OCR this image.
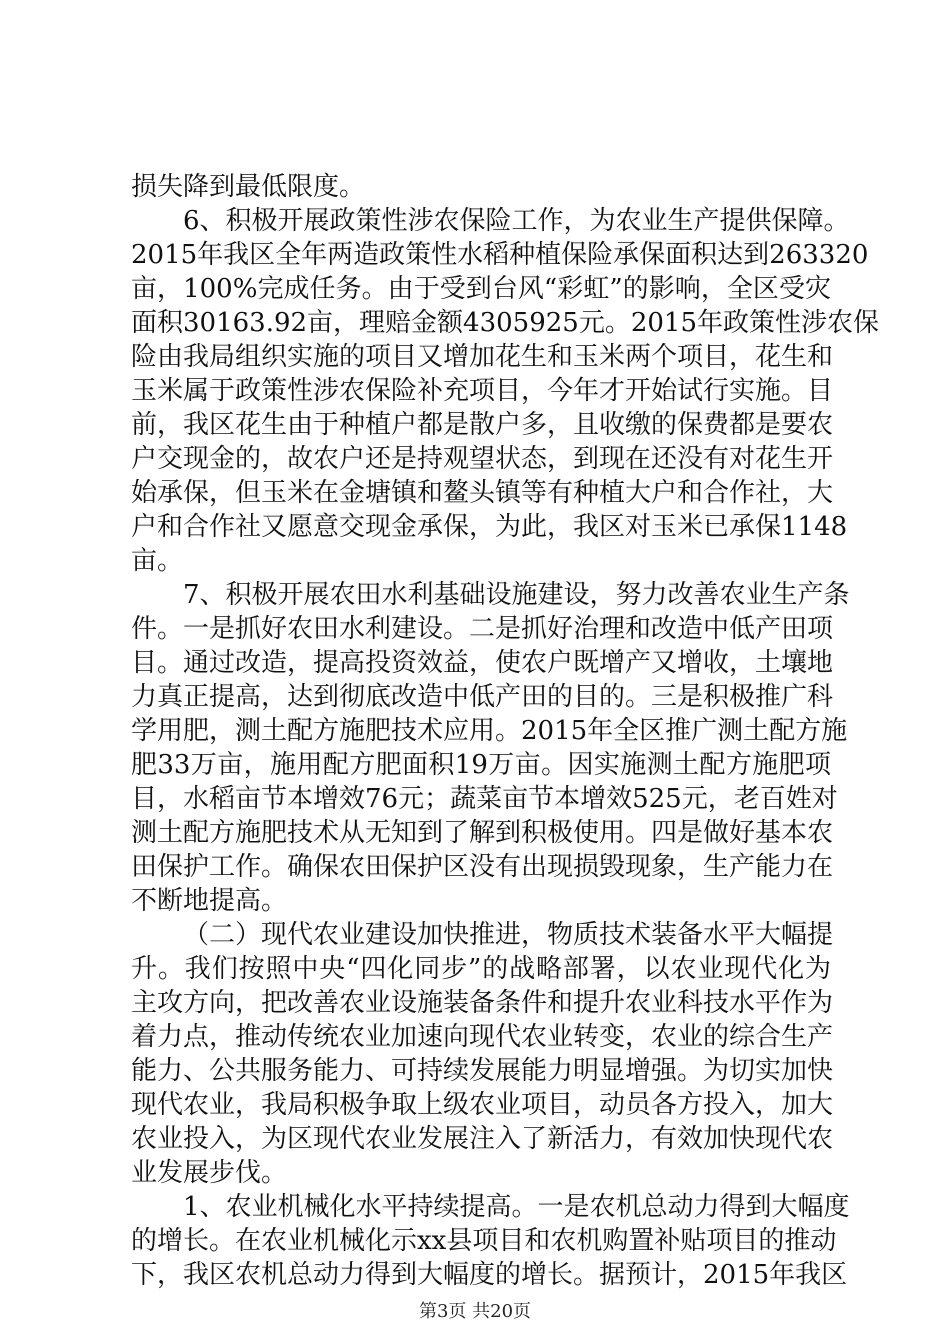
损失降到最低限度。
6、积极开展政策性涉农保险工作，为农业生产提供保障。
2015年我区全年两造政策性水稻种植保险承保面积达到263320
亩，100%完成任务。由于受到台风“彩虹”的影响，全区受灾
面积30163.92亩，理赔金额4305925元。2015年政策性涉农保
险由我局组织实施的项目又增加花生和玉米两个项目，花生和
玉米属于政策性涉农保险补充项目，今年才开始试行实施。目
前，我区花生由于种植户都是散户多，且收缴的保费都是要农
户交现金的，故农户还是持观望状态，到现在还没有对花生开
始承保，但玉米在金塘镇和鳌头镇等有种植大户和合作社，大
户和合作社又愿意交现金承保，为此，我区对玉米已承保1148
亩。
7、积极开展农田水利基础设施建设，努力改善农业生产条
件。一是抓好农田水利建设。二是抓好治理和改造中低产田项
目。通过改造，提高投资效益，使农户既增产又增收，土壤地
力真正提高，达到彻底改造中低产田的目的。三是积极推广科
学用肥，测土配方施肥技术应用。2015年全区推广测土配方施
肥33万亩，施用配方肥面积19万亩。因实施测土配方施肥项
目，水稻亩节本增效76元；蔬菜亩节本增效525元，老百姓对
测土配方施肥技术从无知到了解到积极使用。四是做好基本农
田保护工作。确保农田保护区没有出现损毁现象，生产能力在
不断地提高。
（二）现代农业建设加快推进，物质技术装备水平大幅提
升。我们按照中央“四化同步”的战略部署，以农业现代化为
主攻方向，把改善农业设施装备条件和提升农业科技水平作为
着力点，推动传统农业加速向现代农业转变，农业的综合生产
能力、公共服务能力、可持续发展能力明显增强。为切实加快
现代农业，我局积极争取上级农业项目，动员各方投入，加大
农业投入，为区现代农业发展注入了新活力，有效加快现代农
业发展步伐。
1、农业机械化水平持续提高。一是农机总动力得到大幅度
的增长。在农业机械化示xx县项目和农机购置补贴项目的推动
下，我区农机总动力得到大幅度的增长。据预计，2015年我区
第3页 共20页
